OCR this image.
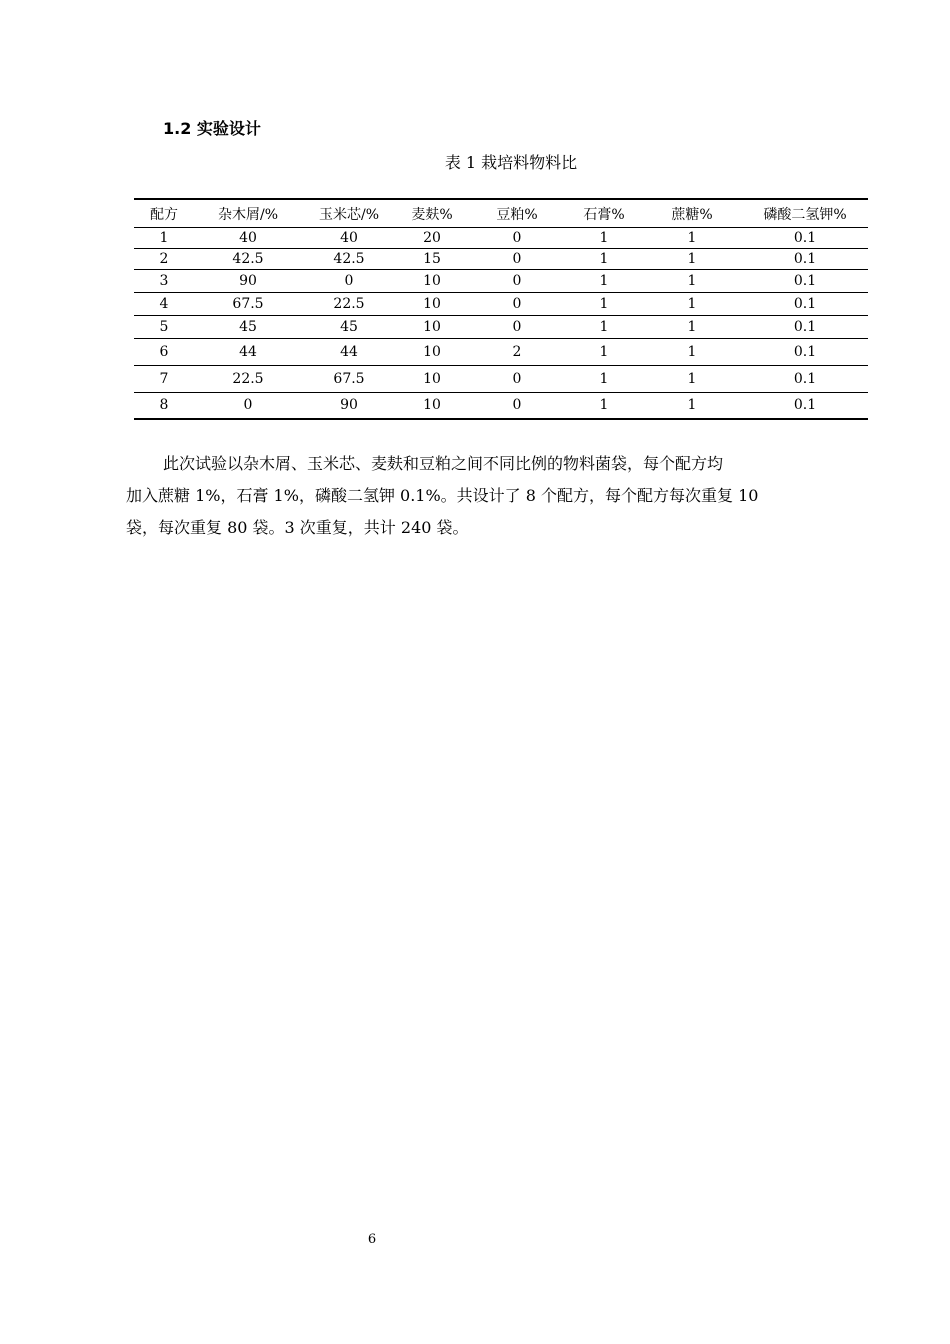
1.2 实验设计
表 1 栽培料物料比
配方	杂木屑/%	玉米芯/%	麦麸%	豆粕%	石膏%	蔗糖%	磷酸二氢钾%
1	40	40	20	0	1	1	0.1
2	42.5	42.5	15	0	1	1	0.1
3	90	0	10	0	1	1	0.1
4	67.5	22.5	10	0	1	1	0.1
5	45	45	10	0	1	1	0.1
6	44	44	10	2	1	1	0.1
7	22.5	67.5	10	0	1	1	0.1
8	0	90	10	0	1	1	0.1
此次试验以杂木屑、玉米芯、麦麸和豆粕之间不同比例的物料菌袋，每个配方均
加入蔗糖 1%，石膏 1%，磷酸二氢钾 0.1%。共设计了 8 个配方，每个配方每次重复 10
袋，每次重复 80 袋。3 次重复，共计 240 袋。
6
